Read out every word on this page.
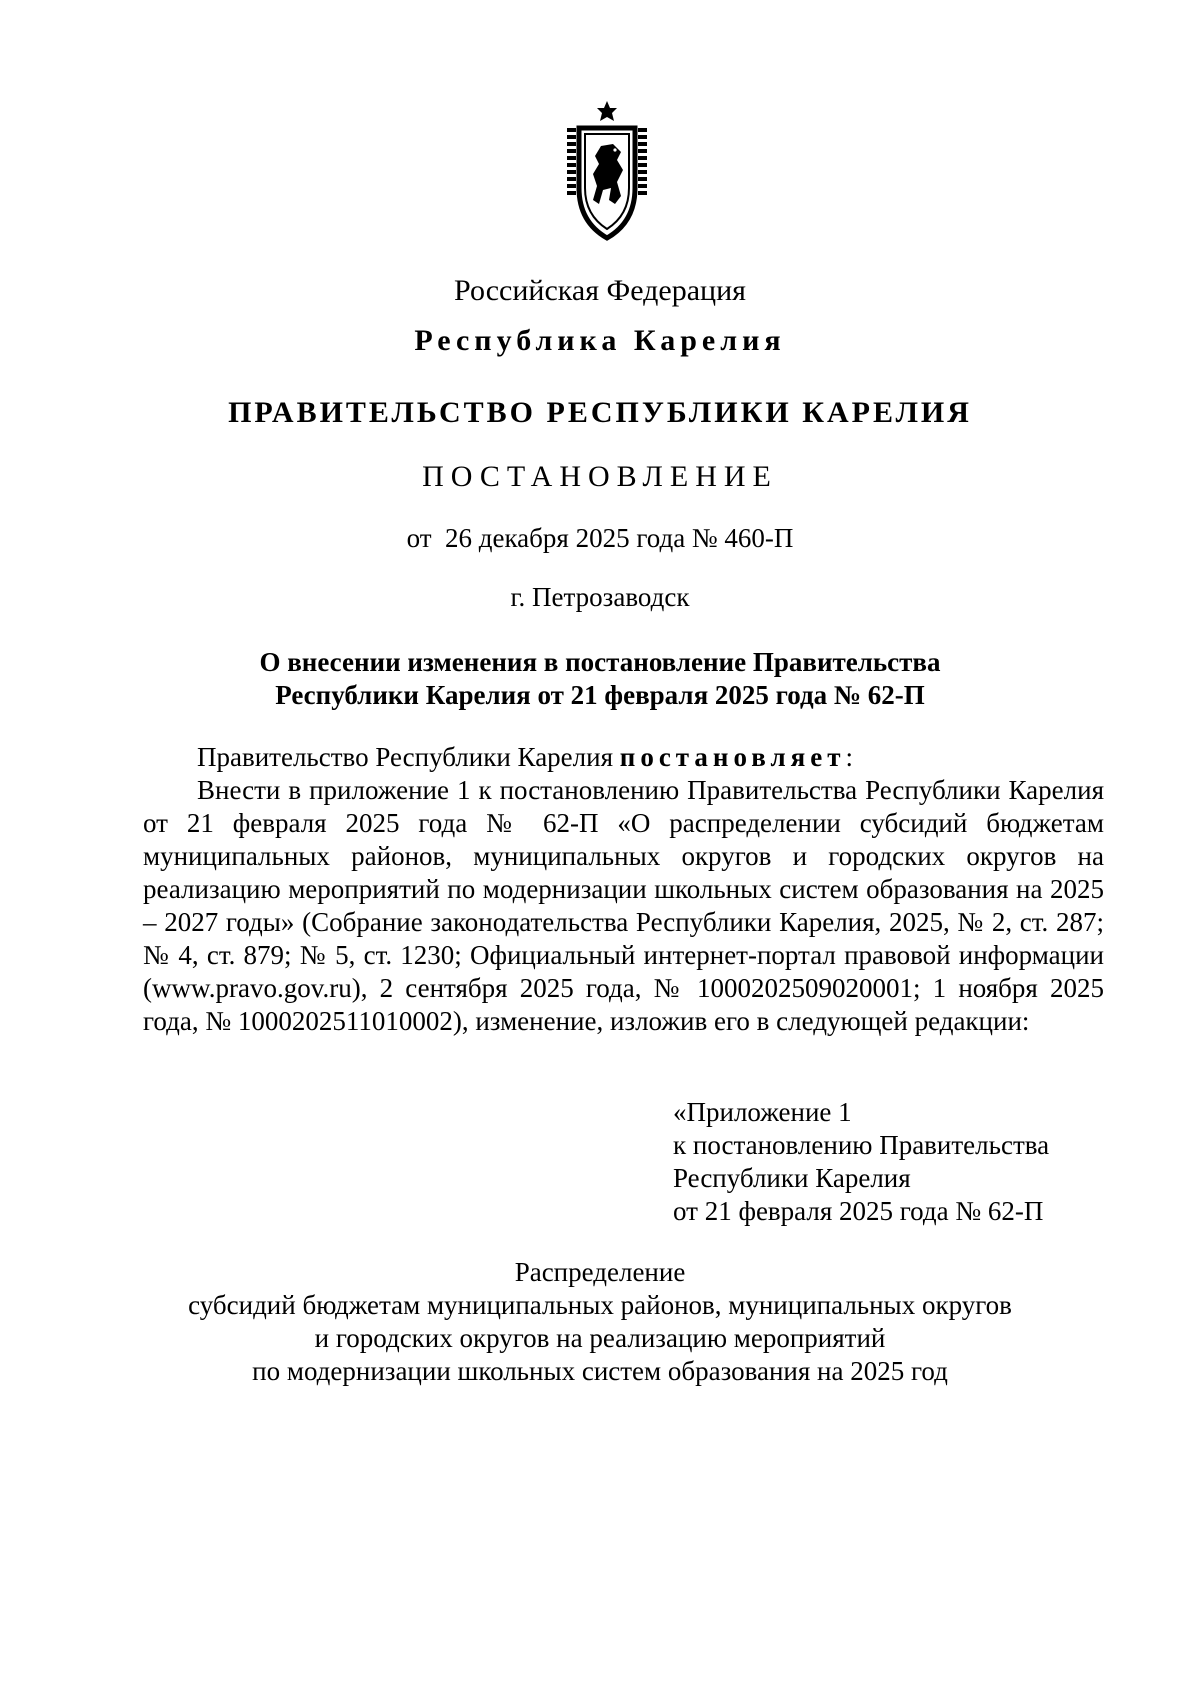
Российская Федерация
Республика Карелия
ПРАВИТЕЛЬСТВО РЕСПУБЛИКИ КАРЕЛИЯ
ПОСТАНОВЛЕНИЕ
от  26 декабря 2025 года № 460-П
г. Петрозаводск
О внесении изменения в постановление Правительства
Республики Карелия от 21 февраля 2025 года № 62-П
Правительство Республики Карелия постановляет:
Внести в приложение 1 к постановлению Правительства Республики Карелия от 21 февраля 2025 года № 62-П «О распределении субсидий бюджетам муниципальных районов, муниципальных округов и городских округов на реализацию мероприятий по модернизации школьных систем образования на 2025 – 2027 годы» (Собрание законодательства Республики Карелия, 2025, № 2, ст. 287; № 4, ст. 879; № 5, ст. 1230; Официальный интернет-портал правовой информации (www.pravo.gov.ru), 2 сентября 2025 года, № 1000202509020001; 1 ноября 2025 года, № 1000202511010002), изменение, изложив его в следующей редакции:
«Приложение 1
к постановлению Правительства
Республики Карелия
от 21 февраля 2025 года № 62-П
Распределение
субсидий бюджетам муниципальных районов, муниципальных округов
и городских округов на реализацию мероприятий
по модернизации школьных систем образования на 2025 год
